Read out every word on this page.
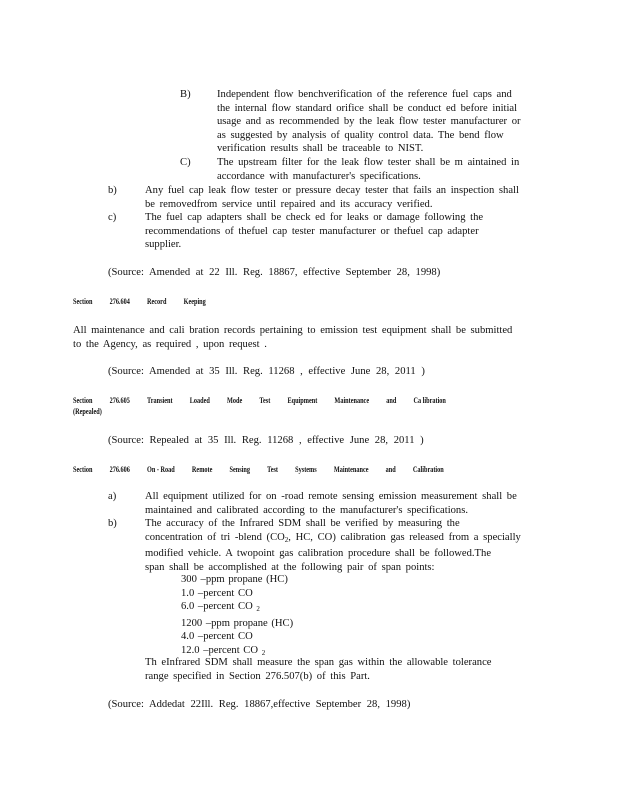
B) Independent flow benchverification of the reference fuel caps and
the internal flow standard orifice shall be conduct ed before initial
usage and as recommended by the leak flow tester manufacturer or
as suggested by analysis of quality control data. The bend flow
verification results shall be traceable to NIST.
C) The upstream filter for the leak flow tester shall be m aintained in
accordance with manufacturer's specifications.
b)	Any fuel cap leak flow tester or pressure decay tester that fails an inspection shall
be removedfrom service until repaired and its accuracy verified.
c)	The fuel cap adapters shall be check ed for leaks or damage following the
recommendations of thefuel cap tester manufacturer or thefuel cap adapter
supplier.
(Source: Amended at 22 Ill. Reg. 18867, effective September 28, 1998)
Section 276.604 Record Keeping
All maintenance and cali bration records pertaining to emission test equipment shall be submitted
to the Agency, as required , upon request .
(Source: Amended at 35 Ill. Reg. 11268 , effective June 28, 2011 )
Section 276.605 Transient Loaded Mode Test Equipment Maintenance and Ca libration
(Repealed)
(Source: Repealed at 35 Ill. Reg. 11268 , effective June 28, 2011 )
Section 276.606 On - Road Remote Sensing Test Systems Maintenance and Calibration
a)	All equipment utilized for on -road remote sensing emission measurement shall be
maintained and calibrated according to the manufacturer's specifications.
b)	The accuracy of the Infrared SDM shall be verified by measuring the
concentration of tri -blend ($CO_2$, HC, CO) calibration gas released from a specially
modified vehicle. A twopoint gas calibration procedure shall be followed.The
span shall be accomplished at the following pair of span points:
300 –ppm propane (HC)
1.0 –percent CO
6.0 –percent CO $_2$
1200 –ppm propane (HC)
4.0 –percent CO
12.0 –percent CO $_2$
Th eInfrared SDM shall measure the span gas within the allowable tolerance
range specified in Section 276.507(b) of this Part.
(Source: Addedat 22Ill. Reg. 18867,effective September 28, 1998)
